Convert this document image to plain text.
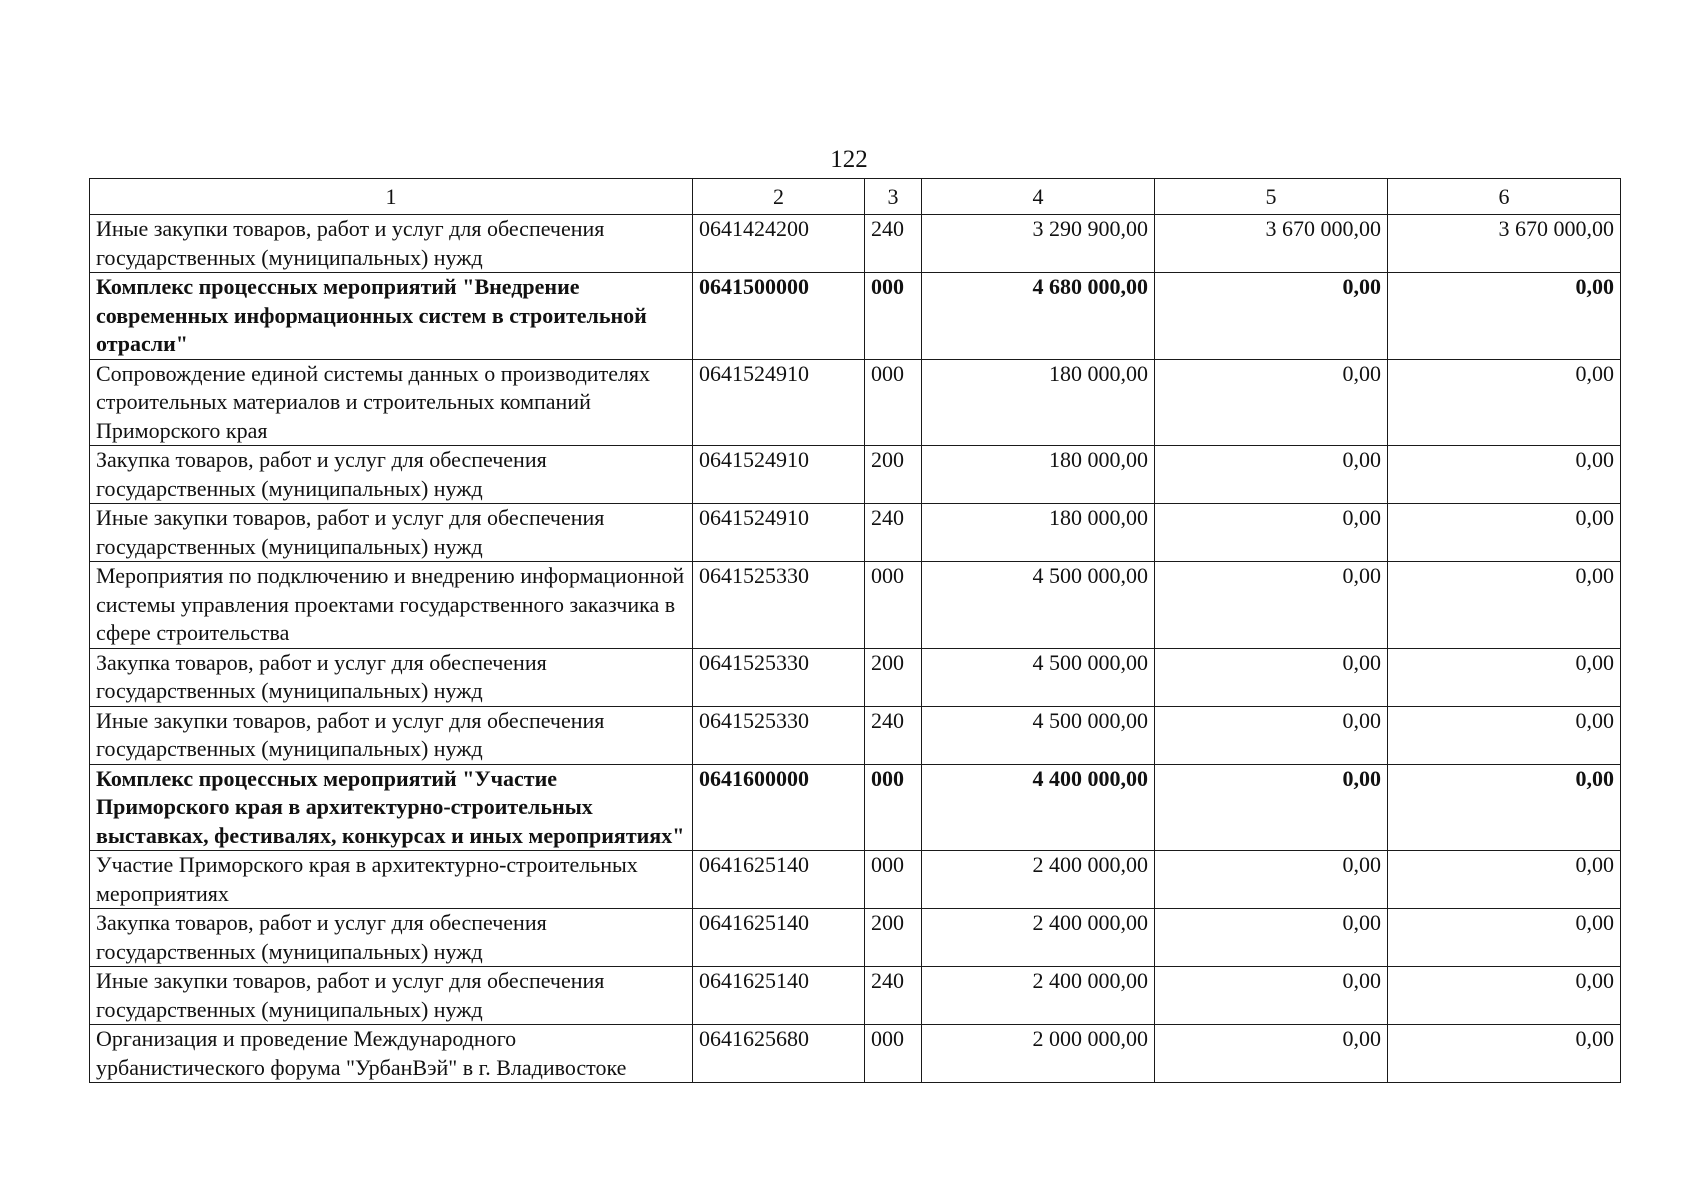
122
1	2	3	4	5	6
Иные закупки товаров, работ и услуг для обеспечения государственных (муниципальных) нужд	0641424200	240	3 290 900,00	3 670 000,00	3 670 000,00
Комплекс процессных мероприятий "Внедрение современных информационных систем в строительной отрасли"	0641500000	000	4 680 000,00	0,00	0,00
Сопровождение единой системы данных о производителях строительных материалов и строительных компаний Приморского края	0641524910	000	180 000,00	0,00	0,00
Закупка товаров, работ и услуг для обеспечения государственных (муниципальных) нужд	0641524910	200	180 000,00	0,00	0,00
Иные закупки товаров, работ и услуг для обеспечения государственных (муниципальных) нужд	0641524910	240	180 000,00	0,00	0,00
Мероприятия по подключению и внедрению информационной системы управления проектами государственного заказчика в сфере строительства	0641525330	000	4 500 000,00	0,00	0,00
Закупка товаров, работ и услуг для обеспечения государственных (муниципальных) нужд	0641525330	200	4 500 000,00	0,00	0,00
Иные закупки товаров, работ и услуг для обеспечения государственных (муниципальных) нужд	0641525330	240	4 500 000,00	0,00	0,00
Комплекс процессных мероприятий "Участие Приморского края в архитектурно-строительных выставках, фестивалях, конкурсах и иных мероприятиях"	0641600000	000	4 400 000,00	0,00	0,00
Участие Приморского края в архитектурно-строительных мероприятиях	0641625140	000	2 400 000,00	0,00	0,00
Закупка товаров, работ и услуг для обеспечения государственных (муниципальных) нужд	0641625140	200	2 400 000,00	0,00	0,00
Иные закупки товаров, работ и услуг для обеспечения государственных (муниципальных) нужд	0641625140	240	2 400 000,00	0,00	0,00
Организация и проведение Международного урбанистического форума "УрбанВэй" в г. Владивостоке	0641625680	000	2 000 000,00	0,00	0,00
